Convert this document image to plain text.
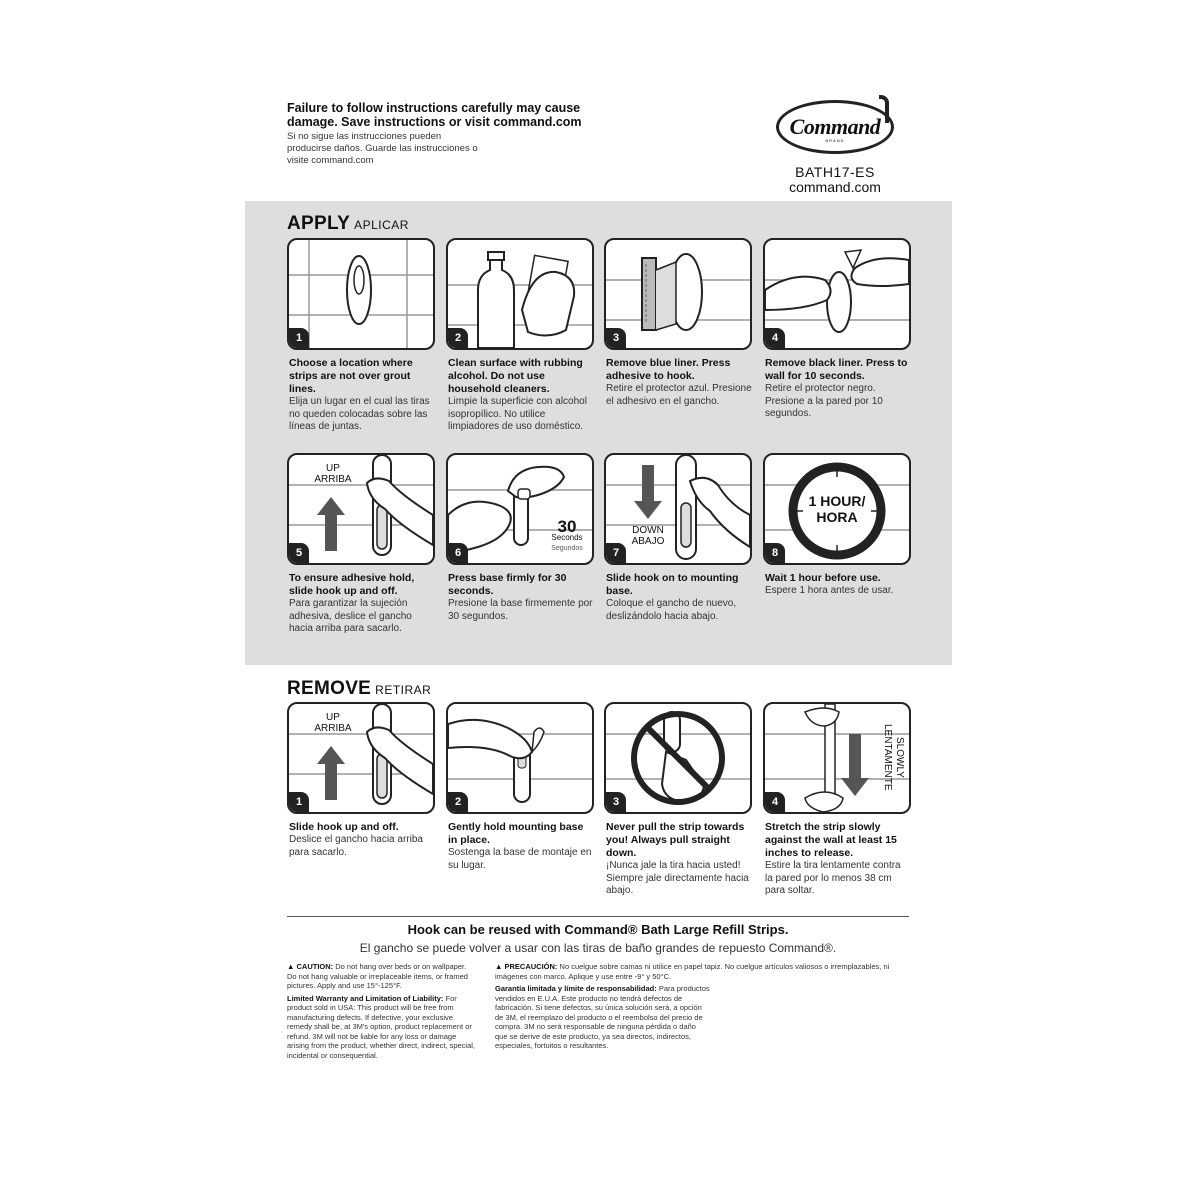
Failure to follow instructions carefully may cause damage. Save instructions or visit command.com
Si no sigue las instrucciones pueden producirse daños. Guarde las instrucciones o visite command.com
Command
BRAND
BATH17-ES
command.com
APPLY APLICAR
1
Choose a location where strips are not over grout lines.
Elija un lugar en el cual las tiras no queden colocadas sobre las líneas de juntas.
2
Clean surface with rubbing alcohol. Do not use household cleaners.
Limpie la superficie con alcohol isopropílico. No utilice limpiadores de uso doméstico.
3
Remove blue liner. Press adhesive to hook.
Retire el protector azul. Presione el adhesivo en el gancho.
4
Remove black liner. Press to wall for 10 seconds.
Retire el protector negro. Presione a la pared por 10 segundos.
UP
ARRIBA
5
To ensure adhesive hold, slide hook up and off.
Para garantizar la sujeción adhesiva, deslice el gancho hacia arriba para sacarlo.
30
Seconds
Segundos
6
Press base firmly for 30 seconds.
Presione la base firmemente por 30 segundos.
DOWN
ABAJO
7
Slide hook on to mounting base.
Coloque el gancho de nuevo, deslizándolo hacia abajo.
1 HOUR/
HORA
8
Wait 1 hour before use.
Espere 1 hora antes de usar.
REMOVE RETIRAR
UP
ARRIBA
1
Slide hook up and off.
Deslice el gancho hacia arriba para sacarlo.
2
Gently hold mounting base in place.
Sostenga la base de montaje en su lugar.
3
Never pull the strip towards you! Always pull straight down.
¡Nunca jale la tira hacia usted! Siempre jale directamente hacia abajo.
SLOWLY
LENTAMENTE
4
Stretch the strip slowly against the wall at least 15 inches to release.
Estire la tira lentamente contra la pared por lo menos 38 cm para soltar.
Hook can be reused with Command® Bath Large Refill Strips.
El gancho se puede volver a usar con las tiras de baño grandes de repuesto Command®.

▲ CAUTION: Do not hang over beds or on wallpaper. Do not hang valuable or irreplaceable items, or framed pictures. Apply and use 15°-125°F.

Limited Warranty and Limitation of Liability: For product sold in USA: This product will be free from manufacturing defects. If defective, your exclusive remedy shall be, at 3M's option, product replacement or refund. 3M will not be liable for any loss or damage arising from the product, whether direct, indirect, special, incidental or consequential.

▲ PRECAUCIÓN: No cuelgue sobre camas ni utilice en papel tapiz. No cuelgue artículos valiosos o irremplazables, ni imágenes con marco. Aplique y use entre -9° y 50°C.

Garantía limitada y límite de responsabilidad: Para productos vendidos en E.U.A. Este producto no tendrá defectos de fabricación. Si tiene defectos, su única solución será, a opción de 3M, el reemplazo del producto o el reembolso del precio de compra. 3M no será responsable de ninguna pérdida o daño que se derive de este producto, ya sea directos, indirectos, especiales, fortuitos o resultantes.
